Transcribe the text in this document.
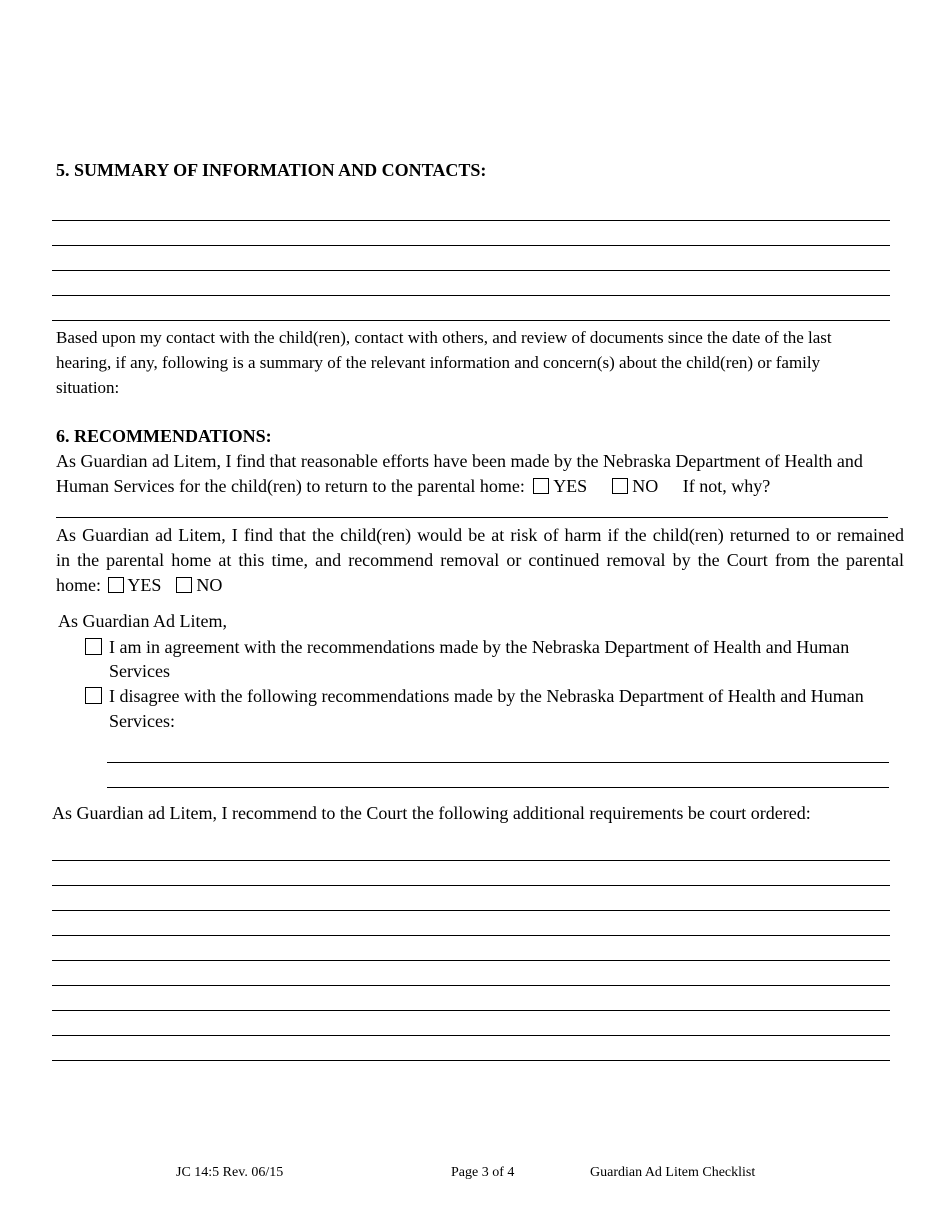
5. SUMMARY OF INFORMATION AND CONTACTS:
Based upon my contact with the child(ren), contact with others, and review of documents since the date of the last
hearing, if any, following is a summary of the relevant information and concern(s) about the child(ren) or family
situation:
6. RECOMMENDATIONS:
As Guardian ad Litem, I find that reasonable efforts have been made by the Nebraska Department of Health and
Human Services for the child(ren) to return to the parental home: YES	NO If not, why?
As Guardian ad Litem, I find that the child(ren) would be at risk of harm if the child(ren) returned to or remained
in the parental home at this time, and recommend removal or continued removal by the Court from the parental
home: YES NO
As Guardian Ad Litem,
I am in agreement with the recommendations made by the Nebraska Department of Health and Human
Services
I disagree with the following recommendations made by the Nebraska Department of Health and Human
Services:
As Guardian ad Litem, I recommend to the Court the following additional requirements be court ordered:
JC 14:5 Rev. 06/15	Page 3 of 4	Guardian Ad Litem Checklist
